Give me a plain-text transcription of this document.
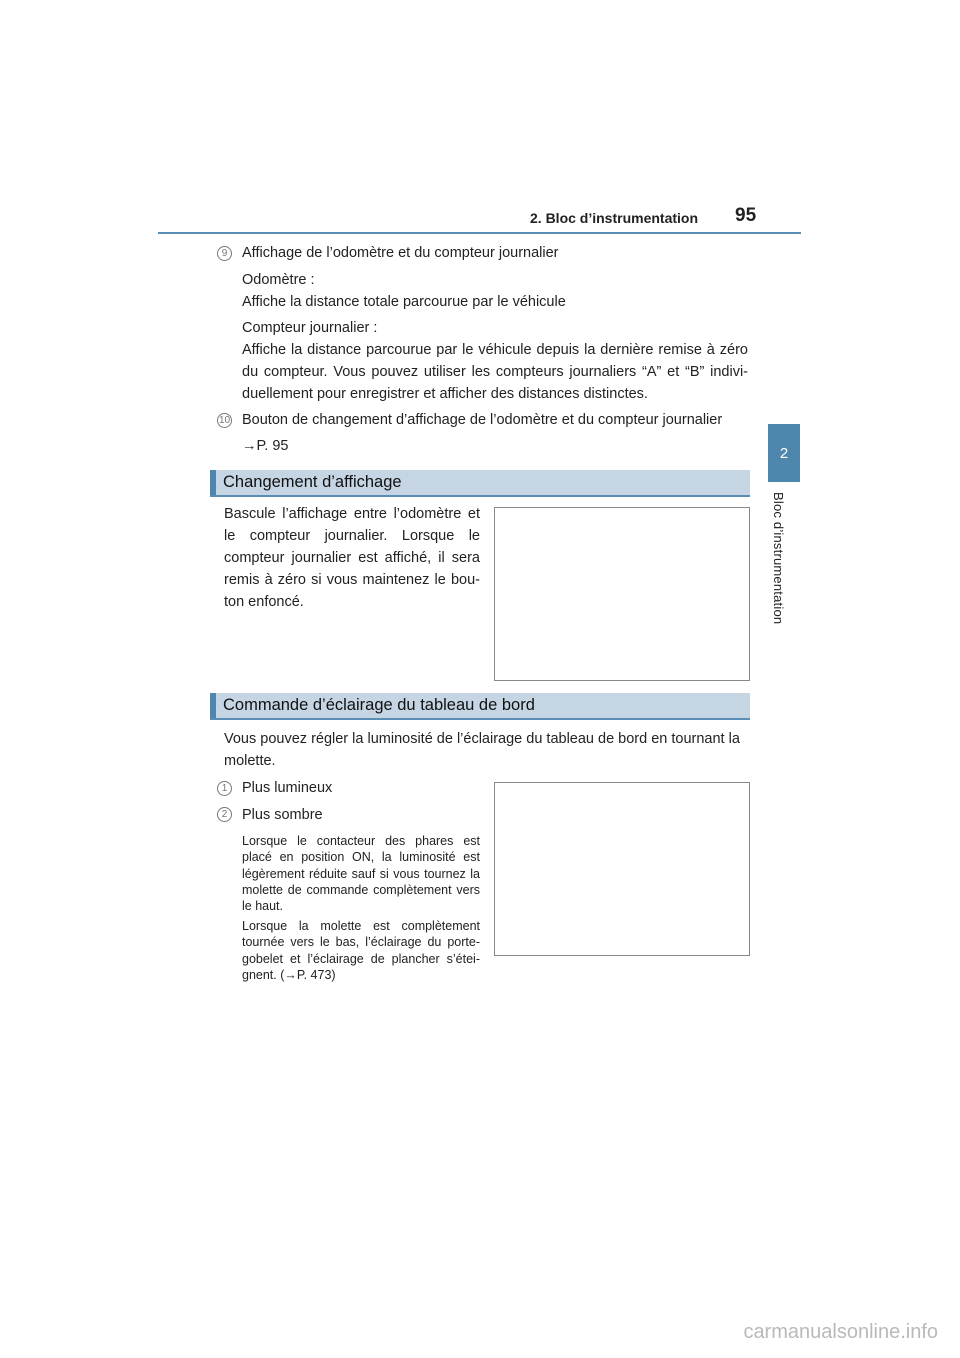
2. Bloc d’instrumentation 95
2
Bloc d’instrumentation
9	Affichage de l’odomètre et du compteur journalier
Odomètre :
Affiche la distance totale parcourue par le véhicule
Compteur journalier :
Affiche la distance parcourue par le véhicule depuis la dernière remise à zéro du compteur. Vous pouvez utiliser les compteurs journaliers “A” et “B” indivi- duellement pour enregistrer et afficher des distances distinctes.
10 Bouton de changement d’affichage de l’odomètre et du compteur journalier
→P. 95
Changement d’affichage
Bascule l’affichage entre l’odomètre et le compteur journalier. Lorsque le compteur journalier est affiché, il sera remis à zéro si vous maintenez le bou- ton enfoncé.
Commande d’éclairage du tableau de bord
Vous pouvez régler la luminosité de l’éclairage du tableau de bord en tournant la molette.
1	Plus lumineux
2	Plus sombre
Lorsque le contacteur des phares est placé en position ON, la luminosité est légèrement réduite sauf si vous tournez la molette de commande complètement vers le haut.
Lorsque la molette est complètement tournée vers le bas, l’éclairage du porte- gobelet et l’éclairage de plancher s’étei- gnent. (→P. 473)
carmanualsonline.info
